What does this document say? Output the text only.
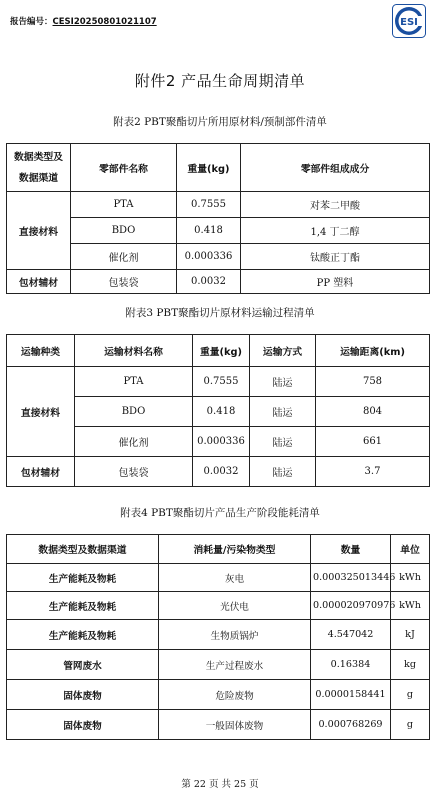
报告编号：CESI20250801021107	ESI
附件2 产品生命周期清单
附表2 PBT聚酯切片所用原材料/预制部件清单
数据类型及
数据渠道	零部件名称	重量(kg)	零部件组成成分
直接材料	PTA	0.7555	对苯二甲酸
	BDO	0.418	1,4 丁二醇
	催化剂	0.000336	钛酸正丁酯
包材辅材	包装袋	0.0032	PP 塑料
附表3 PBT聚酯切片原材料运输过程清单
运输种类	运输材料名称	重量(kg)	运输方式	运输距离(km)
直接材料	PTA	0.7555	陆运	758
	BDO	0.418	陆运	804
	催化剂	0.000336	陆运	661
包材辅材	包装袋	0.0032	陆运	3.7
附表4 PBT聚酯切片产品生产阶段能耗清单
数据类型及数据渠道	消耗量/污染物类型	数量	单位
生产能耗及物耗	灰电	0.000325013446	kWh
生产能耗及物耗	光伏电	0.000020970976	kWh
生产能耗及物耗	生物质锅炉	4.547042	kJ
管网废水	生产过程废水	0.16384	kg
固体废物	危险废物	0.0000158441	g
固体废物	一般固体废物	0.000768269	g
第 22 页 共 25 页
